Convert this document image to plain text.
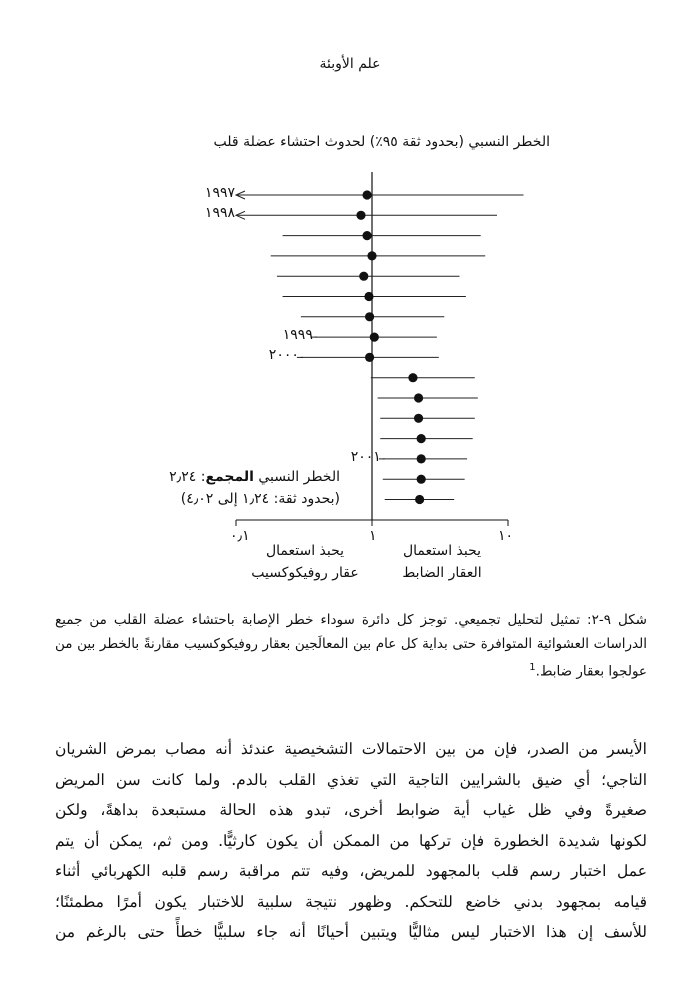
علم الأوبئة
الخطر النسبي (بحدود ثقة ٩٥٪) لحدوث احتشاء عضلة قلب
١٩٩٧
١٩٩٨
١٩٩٩
٢٠٠٠
٢٠٠١
الخطر النسبي المجمع: ٢٫٢٤
(بحدود ثقة: ١٫٢٤ إلى ٤٫٠٢)
٠٫١	١	١٠
يحبذ استعمال
عقار روفيكوكسيب
يحبذ استعمال
العقار الضابط
شكل ٩-٢: تمثيل لتحليل تجميعي. توجز كل دائرة سوداء خطر الإصابة باحتشاء عضلة القلب من جميع الدراسات العشوائية المتوافرة حتى بداية كل عام بين المعالَجين بعقار روفيكوكسيب مقارنةً بالخطر بين من عولجوا بعقار ضابط.$^1$
الأيسر من الصدر، فإن من بين الاحتمالات التشخيصية عندئذ أنه مصاب بمرض الشريان
التاجي؛ أي ضيق بالشرايين التاجية التي تغذي القلب بالدم. ولما كانت سن المريض
صغيرةً وفي ظل غياب أية ضوابط أخرى، تبدو هذه الحالة مستبعدة بداهةً، ولكن
لكونها شديدة الخطورة فإن تركها من الممكن أن يكون كارثيًّا. ومن ثم، يمكن أن يتم
عمل اختبار رسم قلب بالمجهود للمريض، وفيه تتم مراقبة رسم قلبه الكهربائي أثناء
قيامه بمجهود بدني خاضع للتحكم. وظهور نتيجة سلبية للاختبار يكون أمرًا مطمئنًا؛
للأسف إن هذا الاختبار ليس مثاليًّا ويتبين أحيانًا أنه جاء سلبيًّا خطأً حتى بالرغم من
